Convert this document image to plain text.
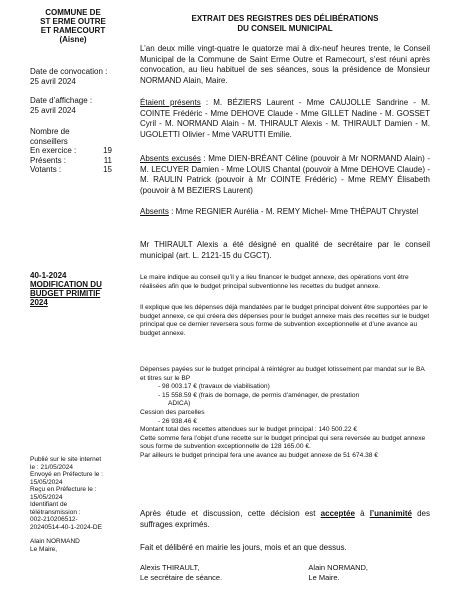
COMMUNE DE
ST ERME OUTRE
ET RAMECOURT
(Aisne)
Date de convocation :
25 avril 2024
Date d’affichage :
25 avril 2024
Nombre de
conseillers
En exercice :	19
Présents :	11
Votants :	15
40-1-2024
MODIFICATION DU
BUDGET PRIMITIF
2024
Publié sur le site internet
le : 21/05/2024
Envoyé en Préfecture le :
15/05/2024
Reçu en Préfecture le :
15/05/2024
Identifiant de
télétransmission :
002-210206512-
20240514-40-1-2024-DE
Alain NORMAND
Le Maire,
EXTRAIT DES REGISTRES DES DÉLIBÉRATIONS
DU CONSEIL MUNICIPAL
L’an deux mille vingt-quatre le quatorze mai à dix-neuf heures trente, le Conseil Municipal de la Commune de Saint Erme Outre et Ramecourt, s’est réuni après convocation, au lieu habituel de ses séances, sous la présidence de Monsieur NORMAND Alain, Maire.
Étaient présents : M. BÉZIERS Laurent - Mme CAUJOLLE Sandrine - M. COINTE Frédéric - Mme DEHOVE Claude - Mme GILLET Nadine - M. GOSSET Cyril - M. NORMAND Alain - M. THIRAULT Alexis - M. THIRAULT Damien - M. UGOLETTI Olivier - Mme VARUTTI Emilie.
Absents excusés : Mme DIEN-BRÉANT Céline (pouvoir à Mr NORMAND Alain) - M. LECUYER Damien - Mme LOUIS Chantal (pouvoir à Mme DEHOVE Claude) - M. RAULIN Patrick (pouvoir à Mr COINTE Frédéric) - Mme REMY Élisabeth (pouvoir à M BEZIERS Laurent)
Absents : Mme REGNIER Aurélia - M. REMY Michel- Mme THÉPAUT Chrystel
Mr THIRAULT Alexis a été désigné en qualité de secrétaire par le conseil municipal (art. L. 2121-15 du CGCT).
Le maire indique au conseil qu’il y a lieu financer le budget annexe, des opérations vont être réalisées afin que le budget principal subventionne les recettes du budget annexe.
Il explique que les dépenses déjà mandatées par le budget principal doivent être supportées par le budget annexe, ce qui créera des dépenses pour le budget annexe mais des recettes sur le budget principal que ce dernier reversera sous forme de subvention exceptionnelle et d’une avance au budget annexe.
Dépenses payées sur le budget principal à réintégrer au budget lotissement par mandat sur le BA et titres sur le BP
- 98 003.17 € (travaux de viabilisation)
- 15 558.59 € (frais de bornage, de permis d’aménager, de prestation
ADICA)
Cession des parcelles
- 26 938.46 €
Montant total des recettes attendues sur le budget principal : 140 500.22 €
Cette somme fera l’objet d’une recette sur le budget principal qui sera reversée au budget annexe sous forme de subvention exceptionnelle de 128 165.00 €.
Par ailleurs le budget principal fera une avance au budget annexe de 51 674.38 €
Après étude et discussion, cette décision est acceptée à l’unanimité des suffrages exprimés.
Fait et délibéré en mairie les jours, mois et an que dessus.
Alexis THIRAULT,
Le secrétaire de séance.
Alain NORMAND,
Le Maire.
